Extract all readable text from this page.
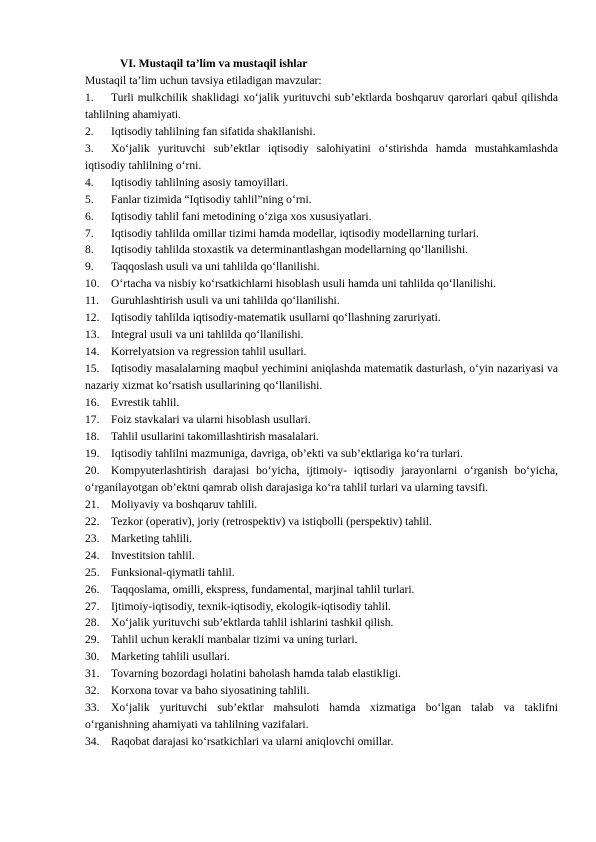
VI. Mustaqil ta’lim va mustaqil ishlar

Mustaqil ta’lim uchun tavsiya etiladigan mavzular:

1. Turli mulkchilik shaklidagi xo‘jalik yurituvchi sub’ektlarda boshqaruv qarorlari qabul qilishda tahlilning ahamiyati.

2. Iqtisodiy tahlilning fan sifatida shakllanishi.

3. Xo‘jalik yurituvchi sub’ektlar iqtisodiy salohiyatini o‘stirishda hamda mustahkamlashda iqtisodiy tahlilning o‘rni.

4. Iqtisodiy tahlilning asosiy tamoyillari.

5. Fanlar tizimida “Iqtisodiy tahlil”ning o‘rni.

6. Iqtisodiy tahlil fani metodining o‘ziga xos xususiyatlari.

7. Iqtisodiy tahlilda omillar tizimi hamda modellar, iqtisodiy modellarning turlari.

8. Iqtisodiy tahlilda stoxastik va determinantlashgan modellarning qo‘llanilishi.

9. Taqqoslash usuli va uni tahlilda qo‘llanilishi.

10. O‘rtacha va nisbiy ko‘rsatkichlarni hisoblash usuli hamda uni tahlilda qo‘llanilishi.

11. Guruhlashtirish usuli va uni tahlilda qo‘llanilishi.

12. Iqtisodiy tahlilda iqtisodiy-matematik usullarni qo‘llashning zaruriyati.

13. Integral usuli va uni tahlilda qo‘llanilishi.

14. Korrelyatsion va regression tahlil usullari.

15. Iqtisodiy masalalarning maqbul yechimini aniqlashda matematik dasturlash, o‘yin nazariyasi va nazariy xizmat ko‘rsatish usullarining qo‘llanilishi.

16. Evrestik tahlil.

17. Foiz stavkalari va ularni hisoblash usullari.

18. Tahlil usullarini takomillashtirish masalalari.

19. Iqtisodiy tahlilni mazmuniga, davriga, ob’ekti va sub’ektlariga ko‘ra turlari.

20. Kompyuterlashtirish darajasi bo‘yicha, ijtimoiy- iqtisodiy jarayonlarni o‘rganish bo‘yicha, o‘rganilayotgan ob’ektni qamrab olish darajasiga ko‘ra tahlil turlari va ularning tavsifi.

21. Moliyaviy va boshqaruv tahlili.

22. Tezkor (operativ), joriy (retrospektiv) va istiqbolli (perspektiv) tahlil.

23. Marketing tahlili.

24. Investitsion tahlil.

25. Funksional-qiymatli tahlil.

26. Taqqoslama, omilli, ekspress, fundamental, marjinal tahlil turlari.

27. Ijtimoiy-iqtisodiy, texnik-iqtisodiy, ekologik-iqtisodiy tahlil.

28. Xo‘jalik yurituvchi sub’ektlarda tahlil ishlarini tashkil qilish.

29. Tahlil uchun kerakli manbalar tizimi va uning turlari.

30. Marketing tahlili usullari.

31. Tovarning bozordagi holatini baholash hamda talab elastikligi.

32. Korxona tovar va baho siyosatining tahlili.

33. Xo‘jalik yurituvchi sub’ektlar mahsuloti hamda xizmatiga bo‘lgan talab va taklifni o‘rganishning ahamiyati va tahlilning vazifalari.

34. Raqobat darajasi ko‘rsatkichlari va ularni aniqlovchi omillar.
